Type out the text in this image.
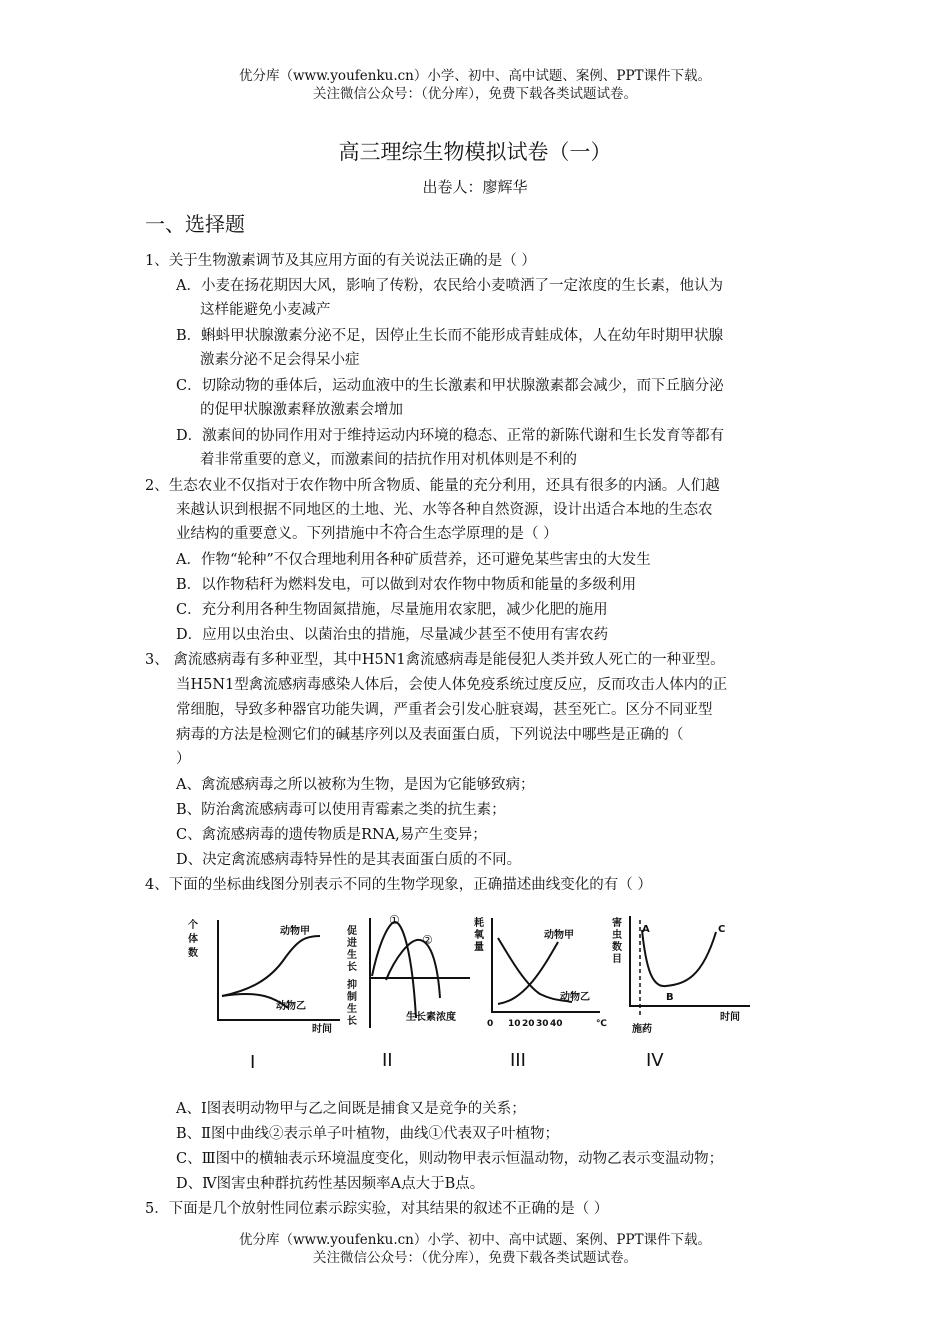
优分库（www.youfenku.cn）小学、初中、高中试题、案例、PPT课件下载。
关注微信公众号：（优分库），免费下载各类试题试卷。
高三理综生物模拟试卷（一）
出卷人：廖辉华
一、选择题
1、关于生物激素调节及其应用方面的有关说法正确的是（ ）
A．小麦在扬花期因大风，影响了传粉，农民给小麦喷洒了一定浓度的生长素，他认为
这样能避免小麦减产
B．蝌蚪甲状腺激素分泌不足，因停止生长而不能形成青蛙成体，人在幼年时期甲状腺
激素分泌不足会得呆小症
C．切除动物的垂体后，运动血液中的生长激素和甲状腺激素都会减少，而下丘脑分泌
的促甲状腺激素释放激素会增加
D．激素间的协同作用对于维持运动内环境的稳态、正常的新陈代谢和生长发育等都有
着非常重要的意义，而激素间的拮抗作用对机体则是不利的
2、生态农业不仅指对于农作物中所含物质、能量的充分利用，还具有很多的内涵。人们越
来越认识到根据不同地区的土地、光、水等各种自然资源，设计出适合本地的生态农
业结构的重要意义。下列措施中不符合生态学原理的是（ ）
A．作物“轮种”不仅合理地利用各种矿质营养，还可避免某些害虫的大发生
B．以作物秸秆为燃料发电，可以做到对农作物中物质和能量的多级利用
C．充分利用各种生物固氮措施，尽量施用农家肥，减少化肥的施用
D．应用以虫治虫、以菌治虫的措施，尽量减少甚至不使用有害农药
3、 禽流感病毒有多种亚型，其中H5N1禽流感病毒是能侵犯人类并致人死亡的一种亚型。
当H5N1型禽流感病毒感染人体后，会使人体免疫系统过度反应，反而攻击人体内的正
常细胞，导致多种器官功能失调，严重者会引发心脏衰竭，甚至死亡。区分不同亚型
病毒的方法是检测它们的碱基序列以及表面蛋白质，下列说法中哪些是正确的（
）
A、禽流感病毒之所以被称为生物，是因为它能够致病；
B、防治禽流感病毒可以使用青霉素之类的抗生素；
C、禽流感病毒的遗传物质是RNA,易产生变异；
D、决定禽流感病毒特异性的是其表面蛋白质的不同。
4、下面的坐标曲线图分别表示不同的生物学现象，正确描述曲线变化的有（ ）
个
体
数
动物甲
动物乙
时间
I
促
进
生
长
抑
制
生
长
①
②
生长素浓度
II
耗
氧
量
动物甲
动物乙
0 10 20 30 40	℃
III
害
虫
数
目
A
B
C
施药
时间
IV
A、I图表明动物甲与乙之间既是捕食又是竞争的关系；
B、Ⅱ图中曲线②表示单子叶植物，曲线①代表双子叶植物；
C、Ⅲ图中的横轴表示环境温度变化，则动物甲表示恒温动物，动物乙表示变温动物；
D、Ⅳ图害虫种群抗药性基因频率A点大于B点。
5．下面是几个放射性同位素示踪实验，对其结果的叙述不正确的是（ ）
优分库（www.youfenku.cn）小学、初中、高中试题、案例、PPT课件下载。
关注微信公众号：（优分库），免费下载各类试题试卷。
